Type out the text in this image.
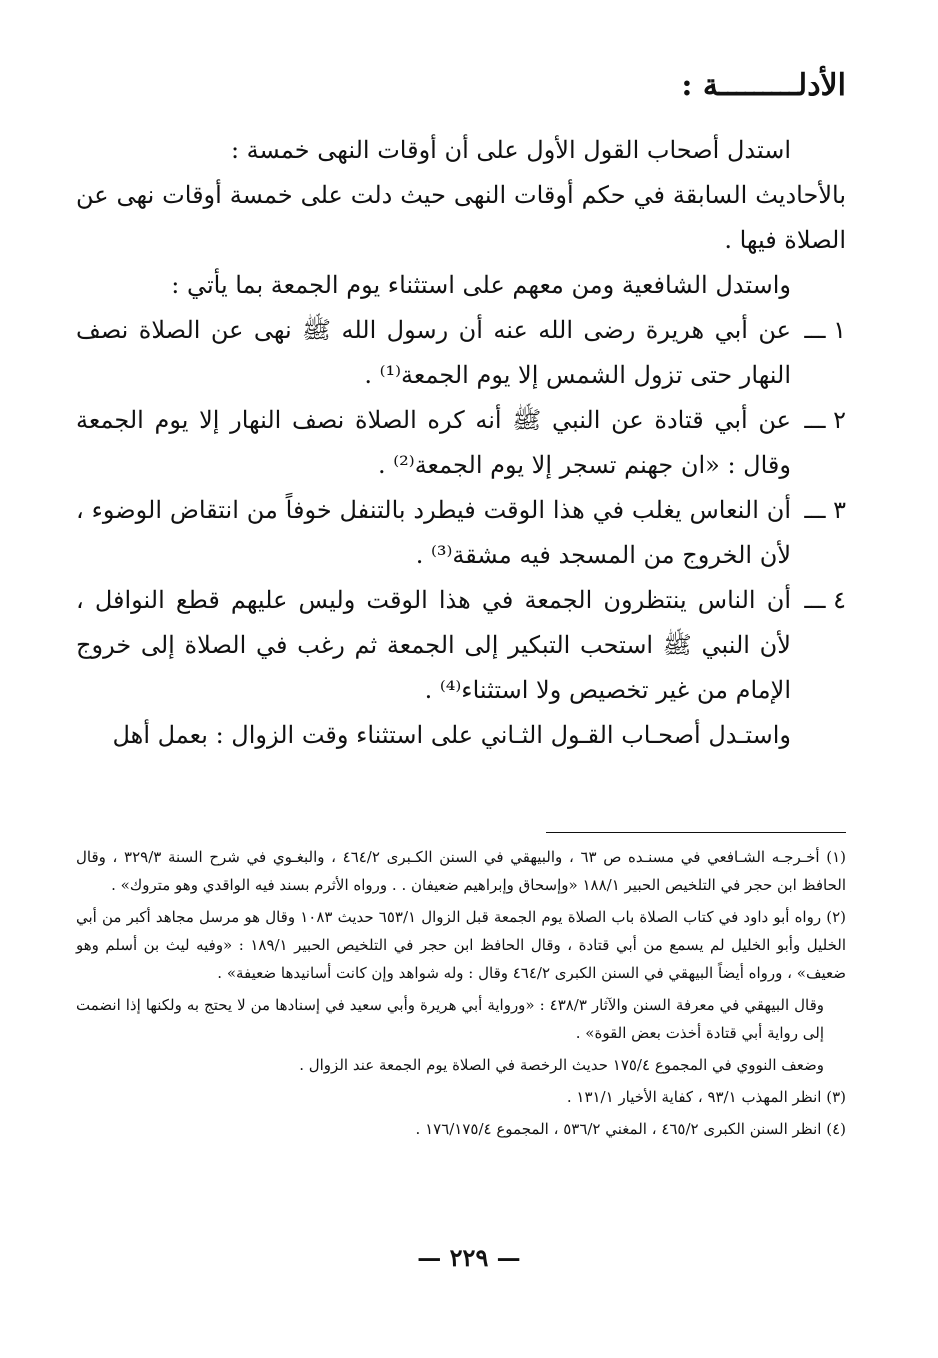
الأدلـــــــــة :

استدل أصحاب القول الأول على أن أوقات النهى خمسة :

بالأحاديث السابقة في حكم أوقات النهى حيث دلت على خمسة أوقات نهى عن الصلاة فيها .

واستدل الشافعية ومن معهم على استثناء يوم الجمعة بما يأتي :

١ ـــ
عن أبي هريرة رضى الله عنه أن رسول الله ﷺ نهى عن الصلاة نصف النهار حتى تزول الشمس إلا يوم الجمعة⁽¹⁾ .
٢ ـــ
عن أبي قتادة عن النبي ﷺ أنه كره الصلاة نصف النهار إلا يوم الجمعة وقال : «ان جهنم تسجر إلا يوم الجمعة⁽²⁾ .
٣ ـــ
أن النعاس يغلب في هذا الوقت فيطرد بالتنفل خوفاً من انتقاض الوضوء ، لأن الخروج من المسجد فيه مشقة⁽³⁾ .
٤ ـــ
أن الناس ينتظرون الجمعة في هذا الوقت وليس عليهم قطع النوافل ، لأن النبي ﷺ استحب التبكير إلى الجمعة ثم رغب في الصلاة إلى خروج الإمام من غير تخصيص ولا استثناء⁽⁴⁾ .

واستـدل أصحـاب القـول الثـاني على استثناء وقت الزوال : بعمل أهل

(١) أخـرجـه الشـافعي في مسنـده ص ٦٣ ، والبيهقي في السنن الكـبرى ٤٦٤/٢ ، والبغـوي في شرح السنة ٣٢٩/٣ ، وقال الحافظ ابن حجر في التلخيص الحبير ١٨٨/١ «وإسحاق وإبراهيم ضعيفان . . ورواه الأثرم بسند فيه الواقدي وهو متروك» .

(٢) رواه أبو داود في كتاب الصلاة باب الصلاة يوم الجمعة قبل الزوال ٦٥٣/١ حديث ١٠٨٣ وقال هو مرسل مجاهد أكبر من أبي الخليل وأبو الخليل لم يسمع من أبي قتادة ، وقال الحافظ ابن حجر في التلخيص الحبير ١٨٩/١ : «وفيه ليث بن أسلم وهو ضعيف» ، ورواه أيضاً البيهقي في السنن الكبرى ٤٦٤/٢ وقال : وله شواهد وإن كانت أسانيدها ضعيفة» .

وقال البيهقي في معرفة السنن والآثار ٤٣٨/٣ : «ورواية أبي هريرة وأبي سعيد في إسنادها من لا يحتج به ولكنها إذا انضمت إلى رواية أبي قتادة أخذت بعض القوة» .

وضعف النووي في المجموع ١٧٥/٤ حديث الرخصة في الصلاة يوم الجمعة عند الزوال .

(٣) انظر المهذب ٩٣/١ ، كفاية الأخيار ١٣١/١ .

(٤) انظر السنن الكبرى ٤٦٥/٢ ، المغني ٥٣٦/٢ ، المجموع ١٧٦/١٧٥/٤ .

— ٢٢٩ —
